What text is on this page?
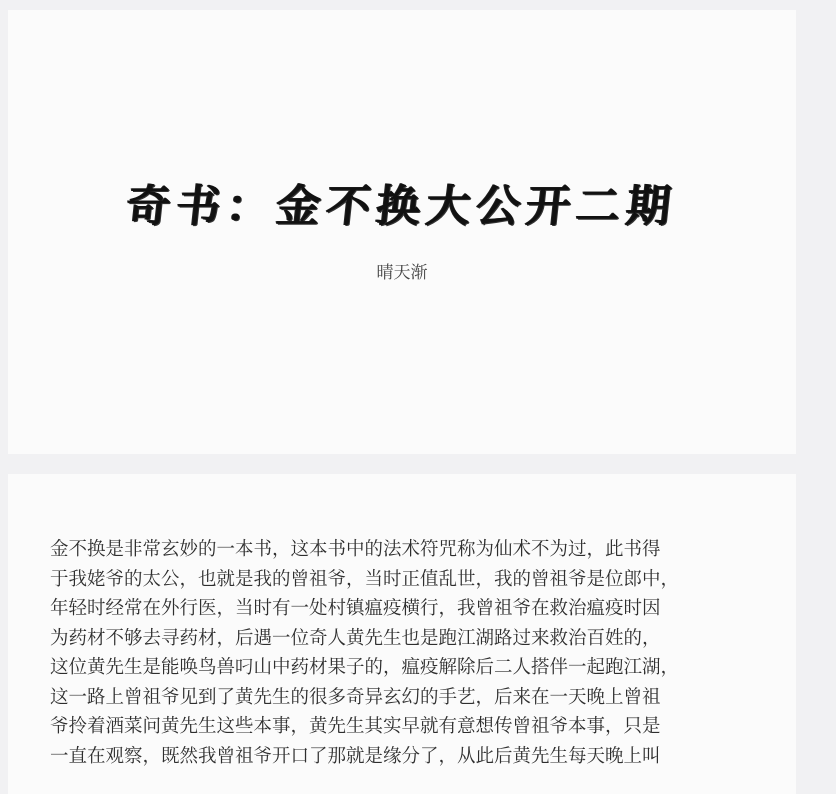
奇书：金不换大公开二期
晴天渐

金不换是非常玄妙的一本书，这本书中的法术符咒称为仙术不为过，此书得
于我姥爷的太公，也就是我的曾祖爷，当时正值乱世，我的曾祖爷是位郎中，
年轻时经常在外行医，当时有一处村镇瘟疫横行，我曾祖爷在救治瘟疫时因
为药材不够去寻药材，后遇一位奇人黄先生也是跑江湖路过来救治百姓的，
这位黄先生是能唤鸟兽叼山中药材果子的，瘟疫解除后二人搭伴一起跑江湖，
这一路上曾祖爷见到了黄先生的很多奇异玄幻的手艺，后来在一天晚上曾祖
爷拎着酒菜问黄先生这些本事，黄先生其实早就有意想传曾祖爷本事，只是
一直在观察，既然我曾祖爷开口了那就是缘分了，从此后黄先生每天晚上叫
